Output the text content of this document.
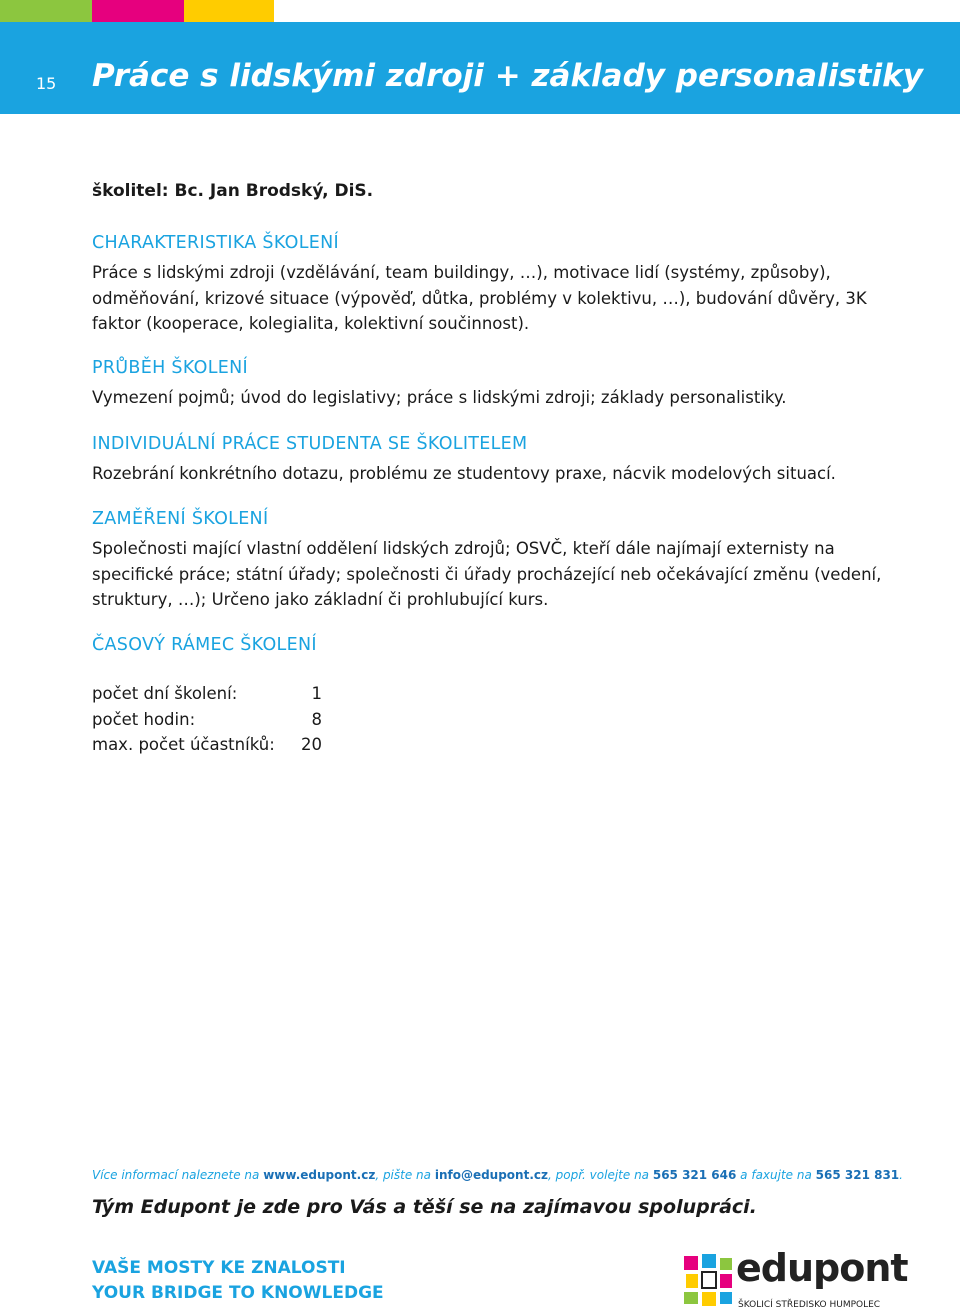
15 Práce s lidskými zdroji + základy personalistiky
školitel: Bc. Jan Brodský, DiS.
CHARAKTERISTIKA ŠKOLENÍ

Práce s lidskými zdroji (vzdělávání, team buildingy, …), motivace lidí (systémy, způsoby), odměňování, krizové situace (výpověď, důtka, problémy v kolektivu, …), budování důvěry, 3K faktor (kooperace, kolegialita, kolektivní součinnost).

PRŮBĚH ŠKOLENÍ

Vymezení pojmů; úvod do legislativy; práce s lidskými zdroji; základy personalistiky.

INDIVIDUÁLNÍ PRÁCE STUDENTA SE ŠKOLITELEM

Rozebrání konkrétního dotazu, problému ze studentovy praxe, nácvik modelových situací.

ZAMĚŘENÍ ŠKOLENÍ

Společnosti mající vlastní oddělení lidských zdrojů; OSVČ, kteří dále najímají externisty na specifické práce; státní úřady; společnosti či úřady procházející neb očekávající změnu (vedení, struktury, …); Určeno jako základní či prohlubující kurs.

ČASOVÝ RÁMEC ŠKOLENÍ
počet dní školení:	1
počet hodin:	8
max. počet účastníků: 20
Více informací naleznete na www.edupont.cz, pište na info@edupont.cz, popř. volejte na 565 321 646 a faxujte na 565 321 831.
Tým Edupont je zde pro Vás a těší se na zajímavou spolupráci.
VAŠE MOSTY KE ZNALOSTI
YOUR BRIDGE TO KNOWLEDGE
edupont
ŠKOLICÍ STŘEDISKO HUMPOLEC
